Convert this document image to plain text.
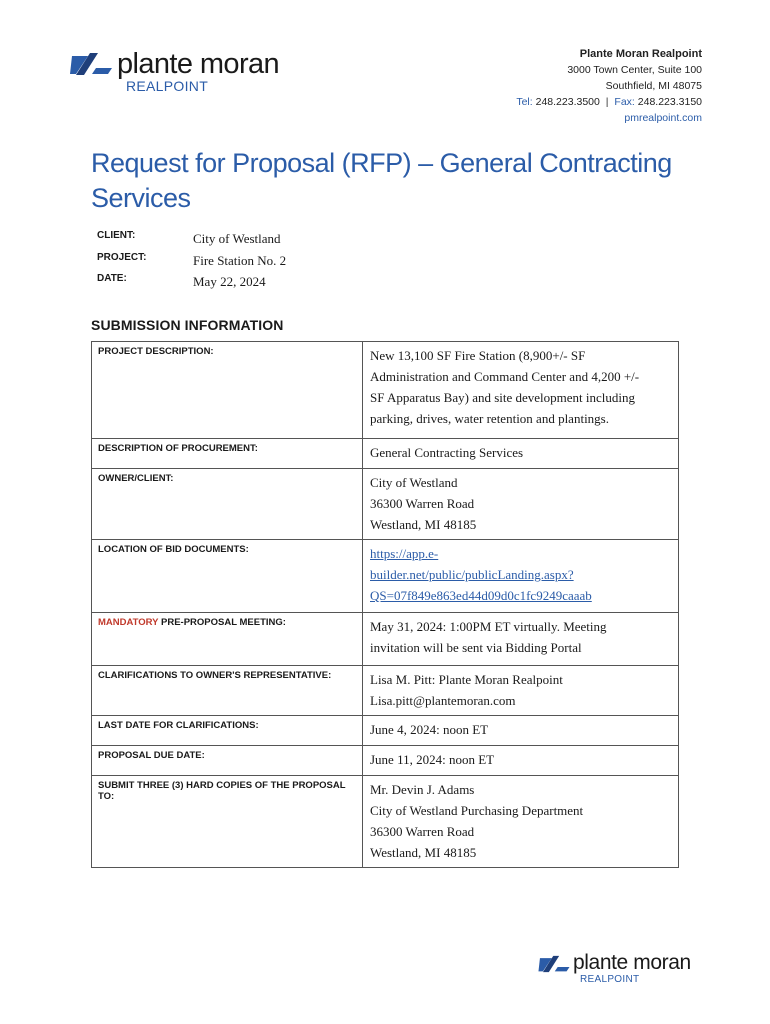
plante moran
REALPOINT
Plante Moran Realpoint
3000 Town Center, Suite 100
Southfield, MI 48075
Tel: 248.223.3500 | Fax: 248.223.3150
pmrealpoint.com
Request for Proposal (RFP) – General Contracting Services
CLIENT:	City of Westland
PROJECT:	Fire Station No. 2
DATE:	May 22, 2024
SUBMISSION INFORMATION
PROJECT DESCRIPTION:	New 13,100 SF Fire Station (8,900+/- SF
Administration and Command Center and 4,200 +/-
SF Apparatus Bay) and site development including
parking, drives, water retention and plantings.

DESCRIPTION OF PROCUREMENT:	General Contracting Services

OWNER/CLIENT:	City of Westland
36300 Warren Road
Westland, MI 48185

LOCATION OF BID DOCUMENTS:	https://app.e-
builder.net/public/publicLanding.aspx?
QS=07f849e863ed44d09d0c1fc9249caaab

MANDATORY PRE-PROPOSAL MEETING:	May 31, 2024: 1:00PM ET virtually. Meeting
invitation will be sent via Bidding Portal

CLARIFICATIONS TO OWNER'S REPRESENTATIVE:	Lisa M. Pitt: Plante Moran Realpoint
Lisa.pitt@plantemoran.com

LAST DATE FOR CLARIFICATIONS:	June 4, 2024: noon ET

PROPOSAL DUE DATE:	June 11, 2024: noon ET

SUBMIT THREE (3) HARD COPIES OF THE PROPOSAL TO:	Mr. Devin J. Adams
City of Westland Purchasing Department
36300 Warren Road
Westland, MI 48185
plante moran
REALPOINT
